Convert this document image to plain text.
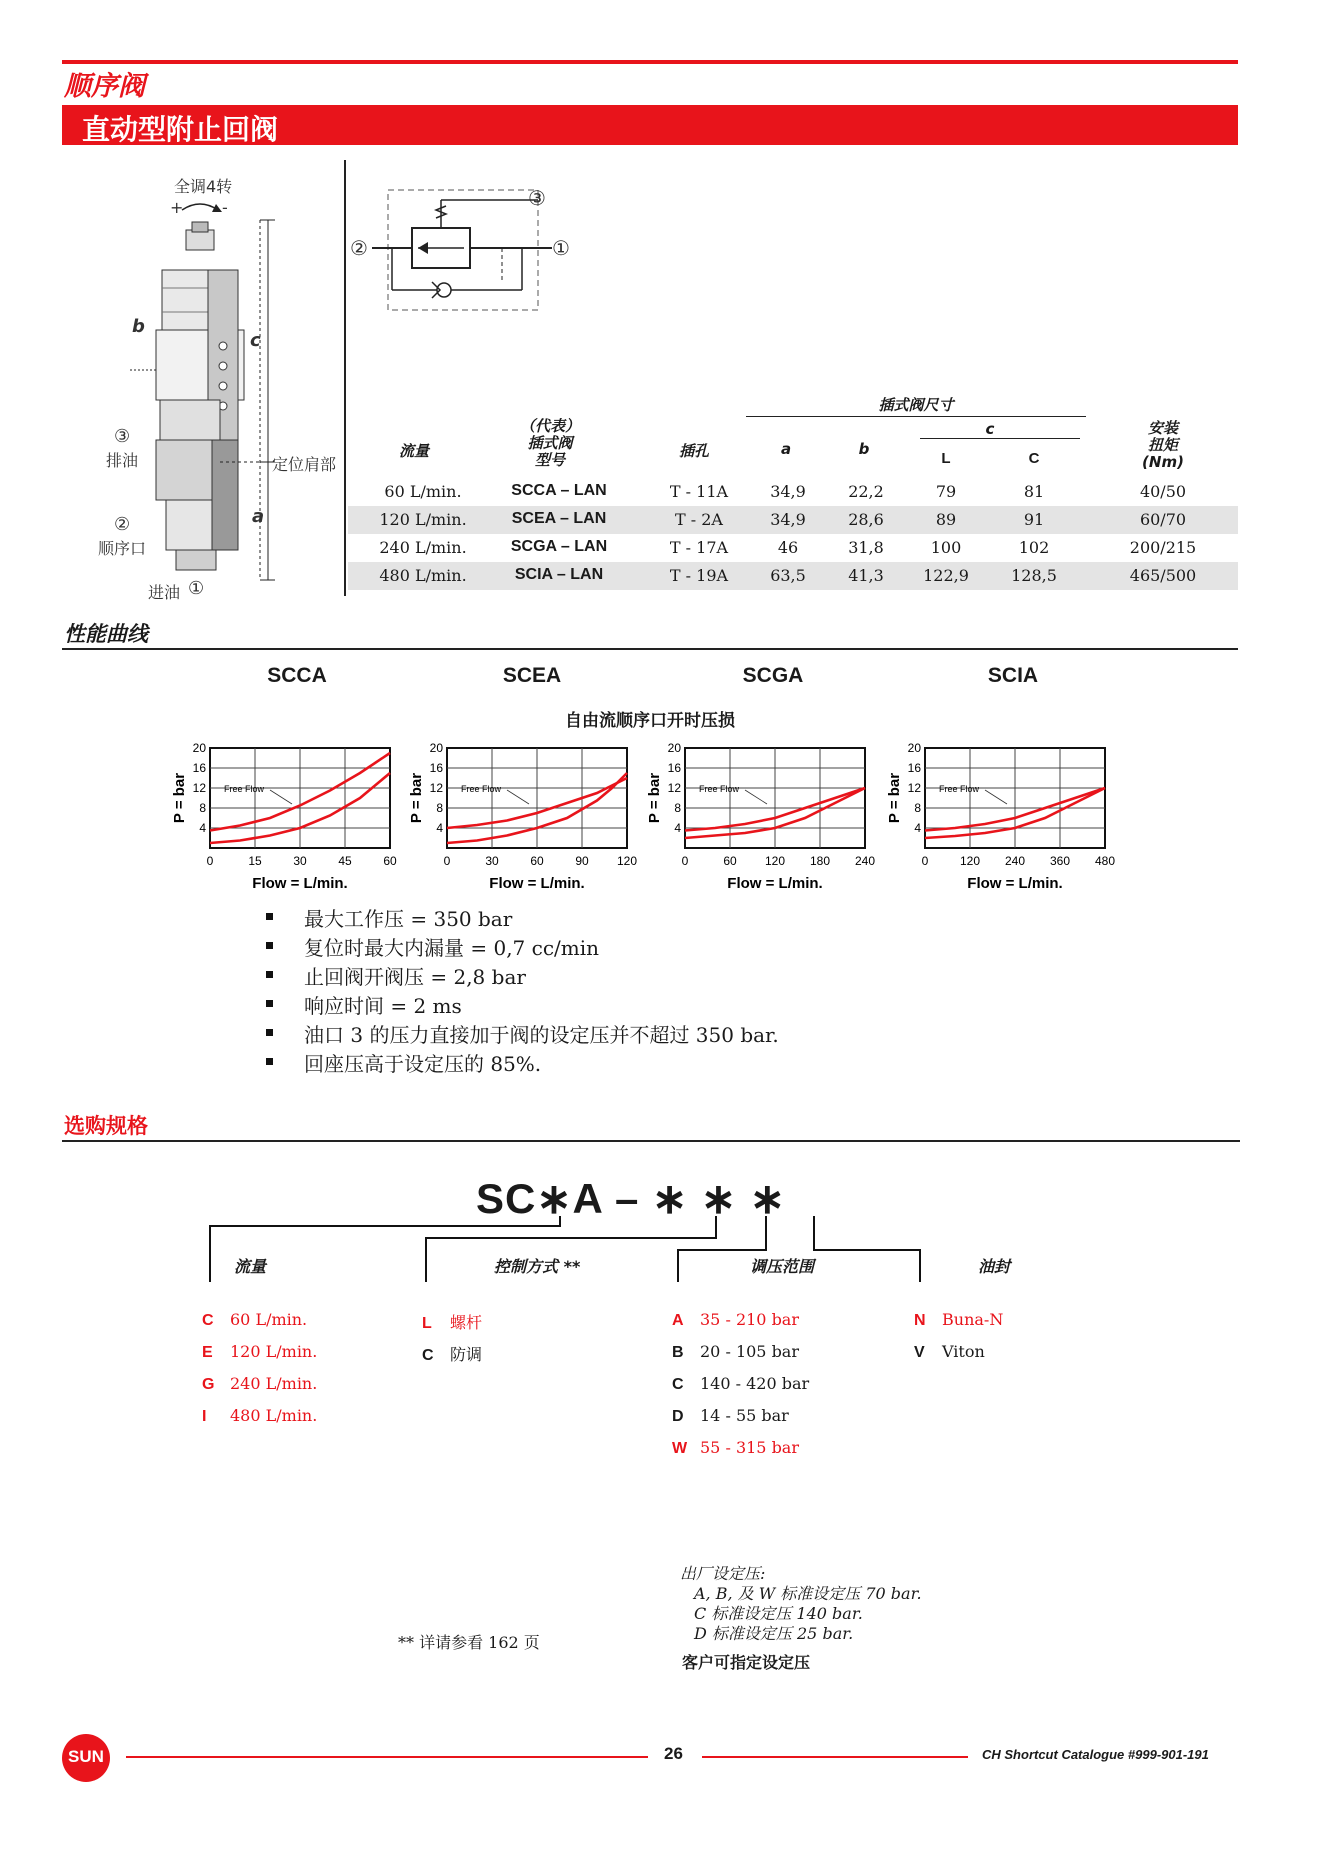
顺序阀
直动型附止回阀
全调4转
+ -
b
c
a
③
排油
②
顺序口
进油 ①
定位肩部
②	①
③
插式阀尺寸
c
流量
（代表）
插式阀
型号	插孔	a	b
L	C
安装
扭矩
(Nm)
60 L/min.	SCCA – LAN	T - 11A	34,9	22,2	79	81	40/50
120 L/min.	SCEA – LAN	T - 2A	34,9	28,6	89	91	60/70
240 L/min.	SCGA – LAN	T - 17A	46	31,8	100	102	200/215
480 L/min.	SCIA – LAN	T - 19A	63,5	41,3	122,9	128,5	465/500
性能曲线
SCCA	SCEA	SCGA	SCIA
自由流顺序口开时压损
0	15	30	45	60
4
8
12
16
20
Flow = L/min.
P = bar	Free Flow
0	30	60	90 120
4
8
12
16
20
Flow = L/min.
P = bar	Free Flow
0	60 120 180 240
4
8
12
16
20
Flow = L/min.
P = bar	Free Flow
0	120 240 360 480
4
8
12
16
20
Flow = L/min.
P = bar	Free Flow
最大工作压 = 350 bar
复位时最大内漏量 = 0,7 cc/min
止回阀开阀压 = 2,8 bar
响应时间 = 2 ms
油口 3 的压力直接加于阀的设定压并不超过 350 bar.
回座压高于设定压的 85%.
选购规格
SC∗A – ∗ ∗ ∗
流量	控制方式 **	调压范围	油封
C 60 L/min.
E 120 L/min.
G 240 L/min.
I 480 L/min.
L 螺杆
C 防调
A 35 - 210 bar
B 20 - 105 bar
C 140 - 420 bar
D 14 - 55 bar
W 55 - 315 bar
N Buna-N
V Viton
出厂设定压:
A, B, 及 W 标准设定压 70 bar.
C 标准设定压 140 bar.
D 标准设定压 25 bar.
客户可指定设定压
** 详请参看 162 页
SUN	26	CH Shortcut Catalogue #999-901-191
